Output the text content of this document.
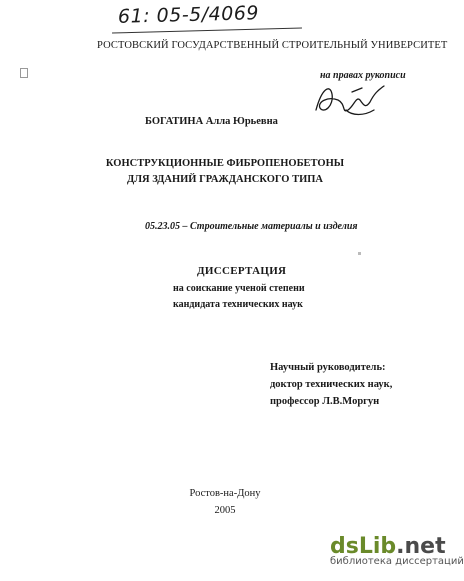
61: 05-5/4069
РОСТОВСКИЙ ГОСУДАРСТВЕННЫЙ СТРОИТЕЛЬНЫЙ УНИВЕРСИТЕТ
на правах рукописи
БОГАТИНА Алла Юрьевна
КОНСТРУКЦИОННЫЕ ФИБРОПЕНОБЕТОНЫ
ДЛЯ ЗДАНИЙ ГРАЖДАНСКОГО ТИПА
05.23.05 – Строительные материалы и изделия
ДИССЕРТАЦИЯ
на соискание ученой степени
кандидата технических наук
Научный руководитель:
доктор технических наук,
профессор Л.В.Моргун
Ростов-на-Дону
2005
dsLib.net
библиотека диссертаций
